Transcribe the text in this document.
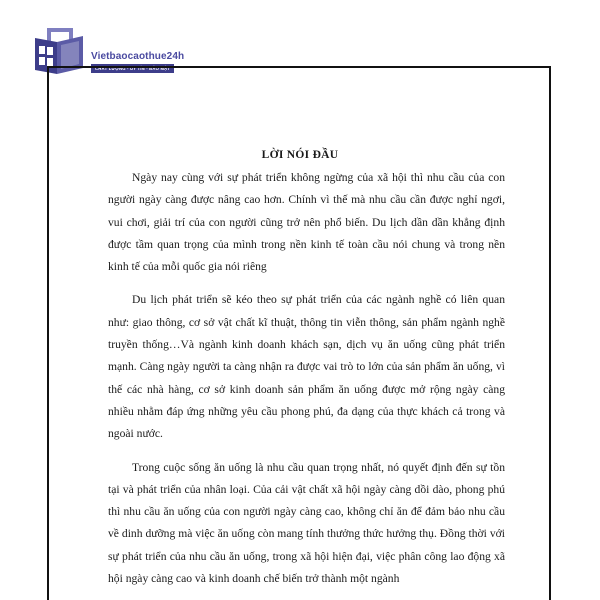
Vietbaocaothue24h
CHẤT LƯỢNG - UY TÍN - BẢO MẬT
LỜI NÓI ĐẦU

Ngày nay cùng với sự phát triển không ngừng của xã hội thì nhu cầu của con người ngày càng được nâng cao hơn. Chính vì thế mà nhu cầu cần được nghỉ ngơi, vui chơi, giải trí của con người cũng trở nên phổ biến. Du lịch dần dần khẳng định được tầm quan trọng của mình trong nền kinh tế toàn cầu nói chung và trong nền kinh tế của mỗi quốc gia nói riêng

Du lịch phát triển sẽ kéo theo sự phát triển của các ngành nghề có liên quan như: giao thông, cơ sở vật chất kĩ thuật, thông tin viễn thông, sản phẩm ngành nghề truyền thống…Và ngành kinh doanh khách sạn, dịch vụ ăn uống cũng phát triển mạnh. Càng ngày người ta càng nhận ra được vai trò to lớn của sản phẩm ăn uống, vì thế các nhà hàng, cơ sở kinh doanh sản phẩm ăn uống được mở rộng ngày càng nhiều nhằm đáp ứng những yêu cầu phong phú, đa dạng của thực khách cả trong và ngoài nước.

Trong cuộc sống ăn uống là nhu cầu quan trọng nhất, nó quyết định đến sự tồn tại và phát triển của nhân loại. Của cải vật chất xã hội ngày càng dồi dào, phong phú thì nhu cầu ăn uống của con người ngày càng cao, không chỉ ăn để đảm bảo nhu cầu về dinh dưỡng mà việc ăn uống còn mang tính thưởng thức hưởng thụ. Đồng thời với sự phát triển của nhu cầu ăn uống, trong xã hội hiện đại, việc phân công lao động xã hội ngày càng cao và kinh doanh chế biến trở thành một ngành
